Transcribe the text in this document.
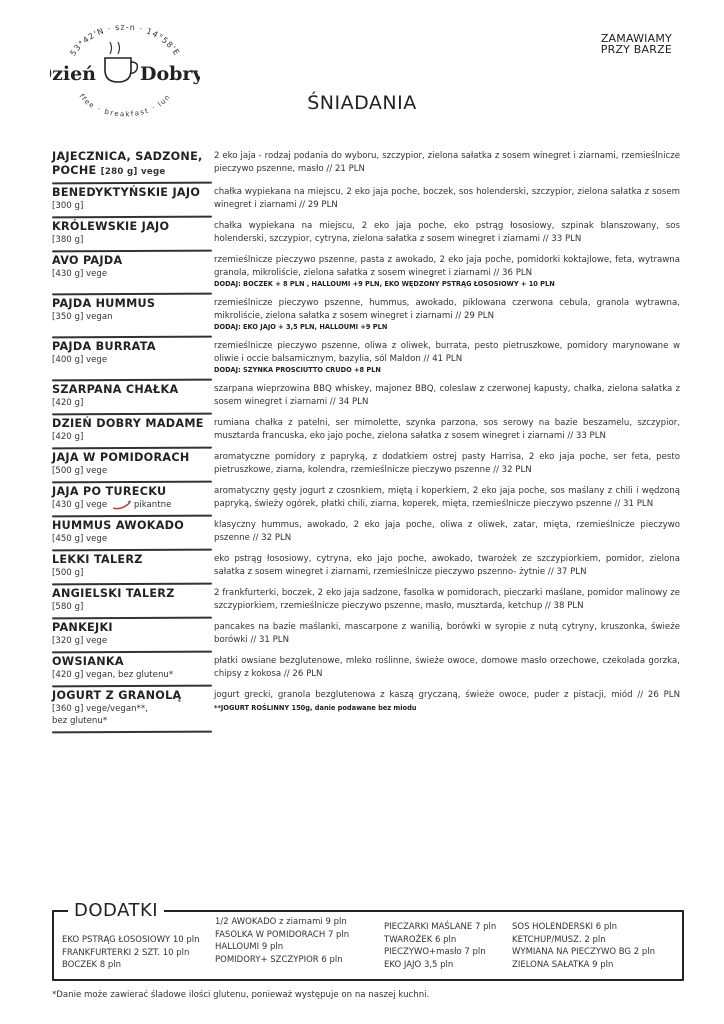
53°42'N · sz-n · 14°58'E
ffee · breakfast · lun
zień Dobry
ZAMAWIAMY
PRZY BARZE
ŚNIADANIA
JAJECZNICA, SADZONE,
POCHE [280 g] vege
2 eko jaja - rodzaj podania do wyboru, szczypior, zielona sałatka z sosem winegret i ziarnami, rzemieślnicze pieczywo pszenne, masło // 21 PLN
BENEDYKTYŃSKIE JAJO
[300 g]
chałka wypiekana na miejscu, 2 eko jaja poche, boczek, sos holenderski, szczypior, zielona sałatka z sosem winegret i ziarnami // 29 PLN
KRÓLEWSKIE JAJO
[380 g]
chałka wypiekana na miejscu, 2 eko jaja poche, eko pstrąg łososiowy, szpinak blanszowany, sos holenderski, szczypior, cytryna, zielona sałatka z sosem winegret i ziarnami // 33 PLN
AVO PAJDA
[430 g] vege
rzemieślnicze pieczywo pszenne, pasta z awokado, 2 eko jaja poche, pomidorki koktajlowe, feta, wytrawna granola, mikroliście, zielona sałatka z sosem winegret i ziarnami // 36 PLN
DODAJ: BOCZEK + 8 PLN , HALLOUMI +9 PLN, EKO WĘDZONY PSTRĄG ŁOSOSIOWY + 10 PLN
PAJDA HUMMUS
[350 g] vegan
rzemieślnicze pieczywo pszenne, hummus, awokado, piklowana czerwona cebula, granola wytrawna, mikroliście, zielona sałatka z sosem winegret i ziarnami // 29 PLN
DODAJ: EKO JAJO + 3,5 PLN, HALLOUMI +9 PLN
PAJDA BURRATA
[400 g] vege
rzemieślnicze pieczywo pszenne, oliwa z oliwek, burrata, pesto pietruszkowe, pomidory marynowane w oliwie i occie balsamicznym, bazylia, sól Maldon // 41 PLN
DODAJ: SZYNKA PROSCIUTTO CRUDO +8 PLN
SZARPANA CHAŁKA
[420 g]
szarpana wieprzowina BBQ whiskey, majonez BBQ, coleslaw z czerwonej kapusty, chałka, zielona sałatka z sosem winegret i ziarnami // 34 PLN
DZIEŃ DOBRY MADAME
[420 g]
rumiana chałka z patelni, ser mimolette, szynka parzona, sos serowy na bazie beszamelu, szczypior, musztarda francuska, eko jajo poche, zielona sałatka z sosem winegret i ziarnami // 33 PLN
JAJA W POMIDORACH
[500 g] vege
aromatyczne pomidory z papryką, z dodatkiem ostrej pasty Harrisa, 2 eko jaja poche, ser feta, pesto pietruszkowe, ziarna, kolendra, rzemieślnicze pieczywo pszenne // 32 PLN
JAJA PO TURECKU
[430 g] vege	pikantne
aromatyczny gęsty jogurt z czosnkiem, miętą i koperkiem, 2 eko jaja poche, sos maślany z chili i wędzoną papryką, świeży ogórek, płatki chili, ziarna, koperek, mięta, rzemieślnicze pieczywo pszenne // 31 PLN
HUMMUS AWOKADO
[450 g] vege
klasyczny hummus, awokado, 2 eko jaja poche, oliwa z oliwek, zatar, mięta, rzemieślnicze pieczywo pszenne // 32 PLN
LEKKI TALERZ
[500 g]
eko pstrąg łososiowy, cytryna, eko jajo poche, awokado, twarożek ze szczypiorkiem, pomidor, zielona sałatka z sosem winegret i ziarnami, rzemieślnicze pieczywo pszenno- żytnie // 37 PLN
ANGIELSKI TALERZ
[580 g]
2 frankfurterki, boczek, 2 eko jaja sadzone, fasolka w pomidorach, pieczarki maślane, pomidor malinowy ze szczypiorkiem, rzemieślnicze pieczywo pszenne, masło, musztarda, ketchup // 38 PLN
PANKEJKI
[320 g] vege
pancakes na bazie maślanki, mascarpone z wanilią, borówki w syropie z nutą cytryny, kruszonka, świeże borówki // 31 PLN
OWSIANKA
[420 g] vegan, bez glutenu*
płatki owsiane bezglutenowe, mleko roślinne, świeże owoce, domowe masło orzechowe, czekolada gorzka, chipsy z kokosa // 26 PLN
JOGURT Z GRANOLĄ
[360 g] vege/vegan**,
bez glutenu*
jogurt grecki, granola bezglutenowa z kaszą gryczaną, świeże owoce, puder z pistacji, miód // 26 PLN **JOGURT ROŚLINNY 150g, danie podawane bez miodu
DODATKI
EKO PSTRĄG ŁOSOSIOWY 10 pln
FRANKFURTERKI 2 SZT. 10 pln
BOCZEK 8 pln
1/2 AWOKADO z ziarnami 9 pln
FASOLKA W POMIDORACH 7 pln
HALLOUMI 9 pln
POMIDORY+ SZCZYPIOR 6 pln
PIECZARKI MAŚLANE 7 pln
TWAROŻEK 6 pln
PIECZYWO+masło 7 pln
EKO JAJO 3,5 pln
SOS HOLENDERSKI 6 pln
KETCHUP/MUSZ. 2 pln
WYMIANA NA PIECZYWO BG 2 pln
ZIELONA SAŁATKA 9 pln
*Danie może zawierać śladowe ilości glutenu, ponieważ występuje on na naszej kuchni.
